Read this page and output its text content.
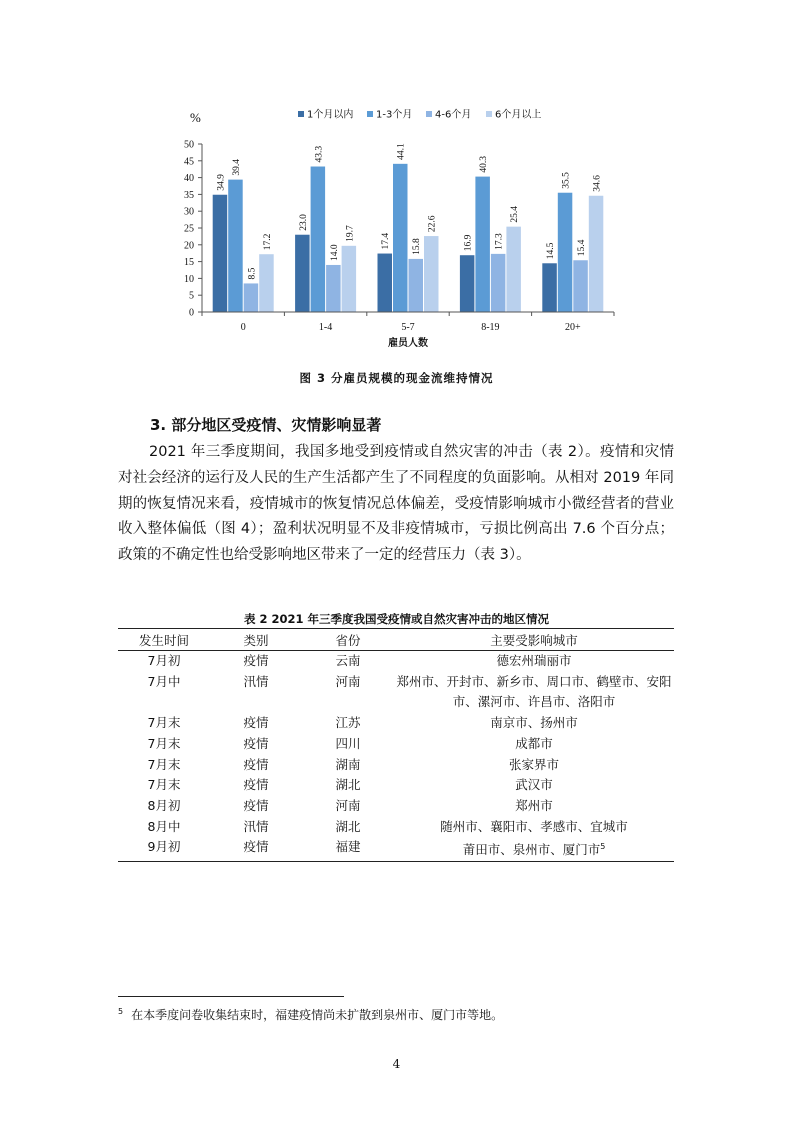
%
0
5
10
15
20
25
30
35
40
45
50
34.9
39.4
8.5
17.2
23.0
43.3
14.0
19.7	17.4
44.1
15.8
22.6
16.9
40.3
17.3
25.4
14.5
35.5
15.4
34.6
0	1-4	5-7	8-19	20+
雇员人数
1个月以内 1-3个月 4-6个月 6个月以上
图 3 分雇员规模的现金流维持情况
3. 部分地区受疫情、灾情影响显著

2021 年三季度期间，我国多地受到疫情或自然灾害的冲击（表 2）。疫情和灾情对社会经济的运行及人民的生产生活都产生了不同程度的负面影响。从相对 2019 年同期的恢复情况来看，疫情城市的恢复情况总体偏差，受疫情影响城市小微经营者的营业收入整体偏低（图 4）；盈利状况明显不及非疫情城市，亏损比例高出 7.6 个百分点；政策的不确定性也给受影响地区带来了一定的经营压力（表 3）。

表 2 2021 年三季度我国受疫情或自然灾害冲击的地区情况
发生时间	类别	省份	主要受影响城市
7月初	疫情	云南	德宏州瑞丽市
7月中	汛情	河南	郑州市、开封市、新乡市、周口市、鹤壁市、安阳市、漯河市、许昌市、洛阳市
7月末	疫情	江苏	南京市、扬州市
7月末	疫情	四川	成都市
7月末	疫情	湖南	张家界市
7月末	疫情	湖北	武汉市
8月初	疫情	河南	郑州市
8月中	汛情	湖北	随州市、襄阳市、孝感市、宜城市
9月初	疫情	福建	莆田市、泉州市、厦门市$^5$
$^5$ 在本季度问卷收集结束时，福建疫情尚未扩散到泉州市、厦门市等地。
4
